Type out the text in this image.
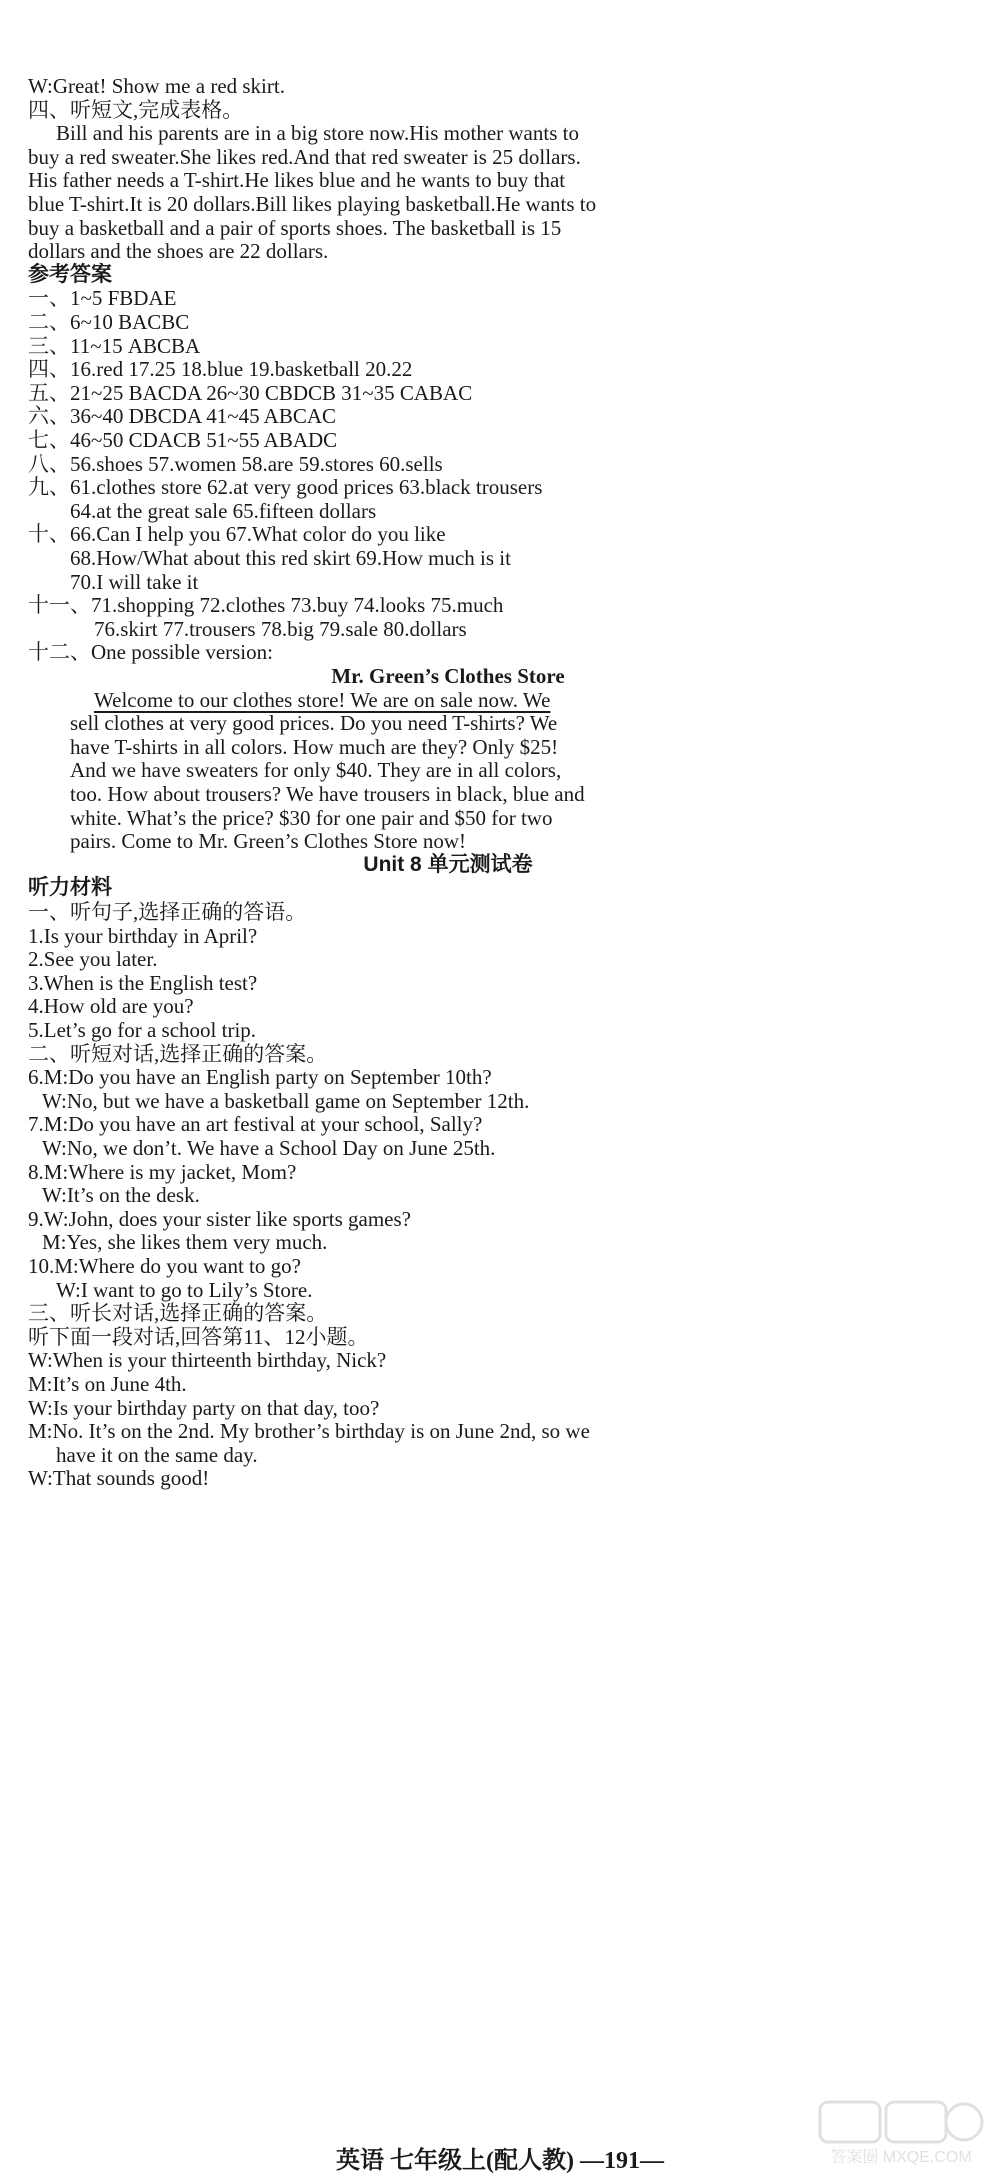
W:Great! Show me a red skirt.
四、听短文,完成表格。
Bill and his parents are in a big store now.His mother wants to
buy a red sweater.She likes red.And that red sweater is 25 dollars.
His father needs a T-shirt.He likes blue and he wants to buy that
blue T-shirt.It is 20 dollars.Bill likes playing basketball.He wants to
buy a basketball and a pair of sports shoes. The basketball is 15
dollars and the shoes are 22 dollars.
参考答案
一、1~5 FBDAE
二、6~10 BACBC
三、11~15 ABCBA
四、16.red 17.25 18.blue 19.basketball 20.22
五、21~25 BACDA 26~30 CBDCB 31~35 CABAC
六、36~40 DBCDA 41~45 ABCAC
七、46~50 CDACB 51~55 ABADC
八、56.shoes 57.women 58.are 59.stores 60.sells
九、61.clothes store 62.at very good prices 63.black trousers
64.at the great sale 65.fifteen dollars
十、66.Can I help you 67.What color do you like
68.How/What about this red skirt 69.How much is it
70.I will take it
十一、71.shopping 72.clothes 73.buy 74.looks 75.much
76.skirt 77.trousers 78.big 79.sale 80.dollars
十二、One possible version:
Mr. Green’s Clothes Store
Welcome to our clothes store! We are on sale now. We
sell clothes at very good prices. Do you need T-shirts? We
have T-shirts in all colors. How much are they? Only $25!
And we have sweaters for only $40. They are in all colors,
too. How about trousers? We have trousers in black, blue and
white. What’s the price? $30 for one pair and $50 for two
pairs. Come to Mr. Green’s Clothes Store now!
Unit 8 单元测试卷
听力材料
一、听句子,选择正确的答语。
1.Is your birthday in April?
2.See you later.
3.When is the English test?
4.How old are you?
5.Let’s go for a school trip.
二、听短对话,选择正确的答案。
6.M:Do you have an English party on September 10th?
W:No, but we have a basketball game on September 12th.
7.M:Do you have an art festival at your school, Sally?
W:No, we don’t. We have a School Day on June 25th.
8.M:Where is my jacket, Mom?
W:It’s on the desk.
9.W:John, does your sister like sports games?
M:Yes, she likes them very much.
10.M:Where do you want to go?
W:I want to go to Lily’s Store.
三、听长对话,选择正确的答案。
听下面一段对话,回答第11、12小题。
W:When is your thirteenth birthday, Nick?
M:It’s on June 4th.
W:Is your birthday party on that day, too?
M:No. It’s on the 2nd. My brother’s birthday is on June 2nd, so we
have it on the same day.
W:That sounds good!
英语 七年级上(配人教) —191—	答案圈 MXQE.COM
